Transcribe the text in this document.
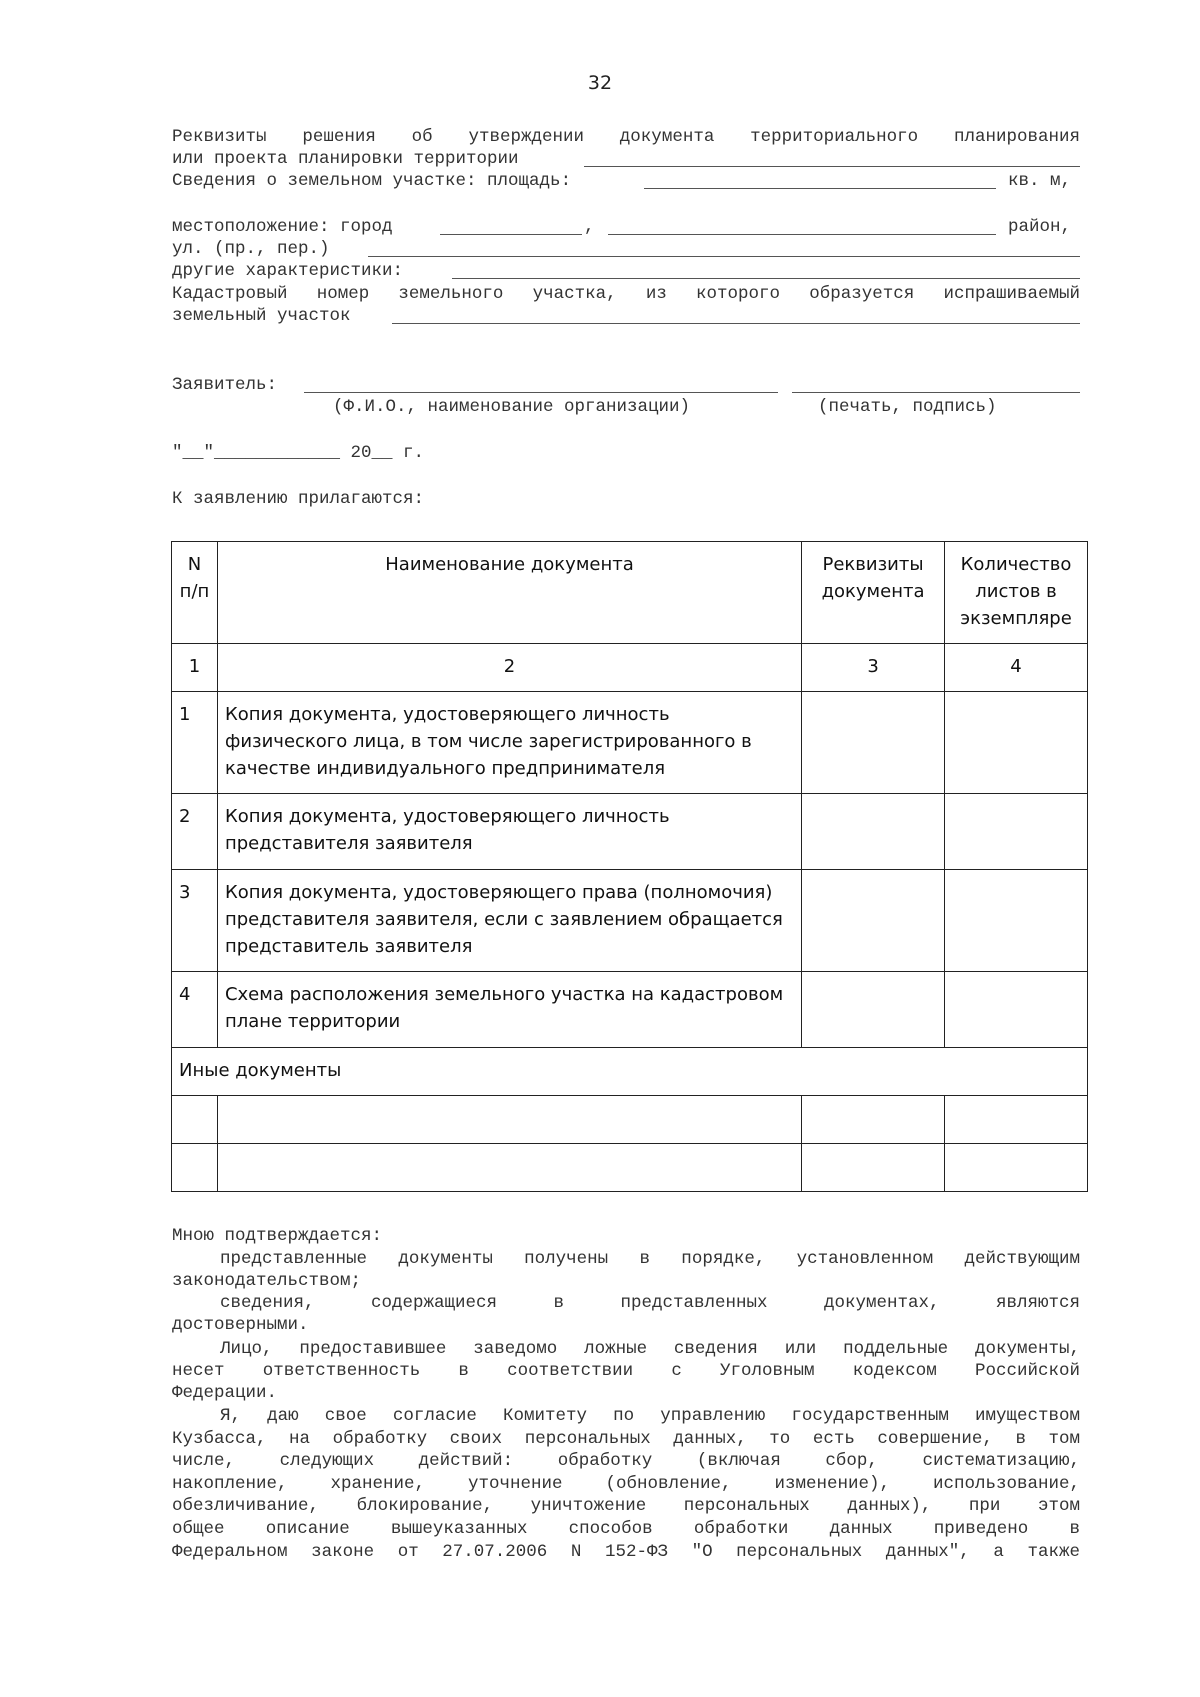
32
Реквизиты решения об утверждении документа территориального планирования
или проекта планировки территории
Сведения о земельном участке: площадь:	кв. м,
местоположение: город	,	район,
ул. (пр., пер.)
другие характеристики:
Кадастровый номер земельного участка, из которого образуется испрашиваемый
земельный участок
Заявитель:
(Ф.И.О., наименование организации)	(печать, подпись)
"__"____________ 20__ г.
К заявлению прилагаются:
N п/п	Наименование документа	Реквизиты документа	Количество листов в экземпляре
1	2	3	4
1	Копия документа, удостоверяющего личность физического лица, в том числе зарегистрированного в качестве индивидуального предпринимателя		
2	Копия документа, удостоверяющего личность представителя заявителя		
3	Копия документа, удостоверяющего права (полномочия) представителя заявителя, если с заявлением обращается представитель заявителя		
4	Схема расположения земельного участка на кадастровом плане территории		
Иные документы			

Мною подтверждается:
представленные документы получены в порядке, установленном действующим
законодательством;
сведения, содержащиеся в представленных документах, являются
достоверными.
Лицо, предоставившее заведомо ложные сведения или поддельные документы,
несет ответственность в соответствии с Уголовным кодексом Российской
Федерации.
Я, даю свое согласие Комитету по управлению государственным имуществом
Кузбасса, на обработку своих персональных данных, то есть совершение, в том
числе, следующих действий: обработку (включая сбор, систематизацию,
накопление, хранение, уточнение (обновление, изменение), использование,
обезличивание, блокирование, уничтожение персональных данных), при этом
общее описание вышеуказанных способов обработки данных приведено в
Федеральном законе от 27.07.2006 N 152-ФЗ "О персональных данных", а также
